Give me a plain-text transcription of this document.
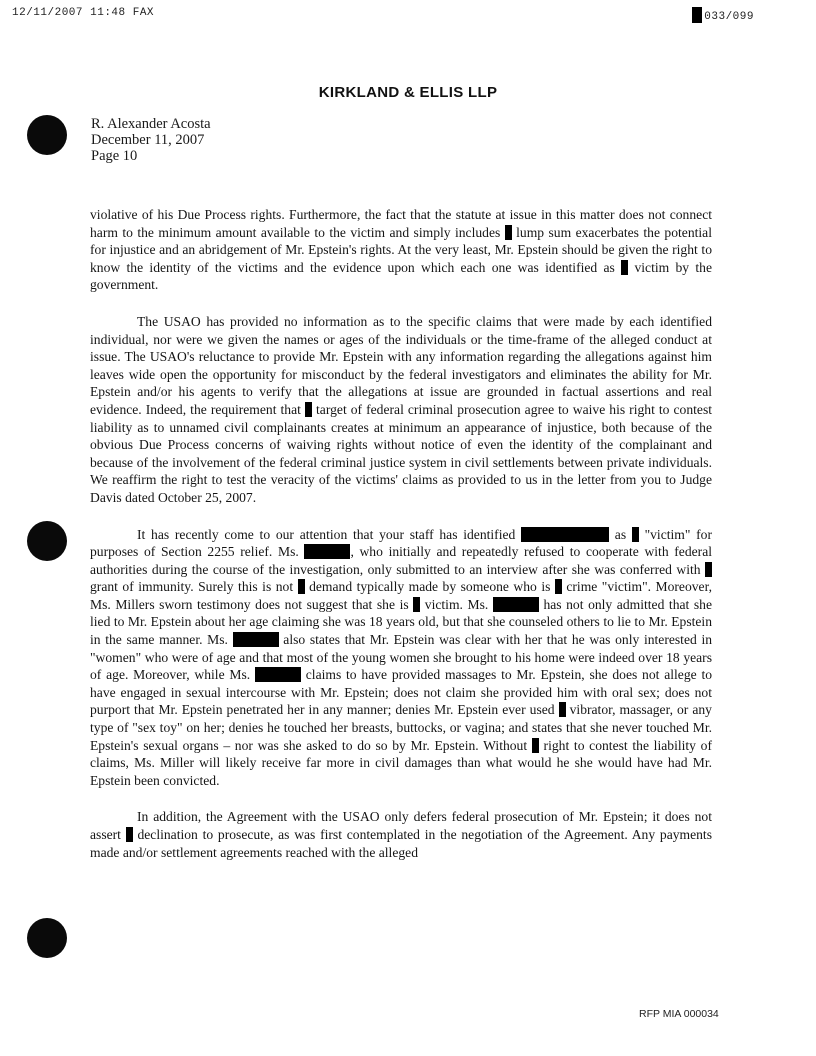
12/11/2007 11:48 FAX	033/099
KIRKLAND & ELLIS LLP
R. Alexander Acosta
December 11, 2007
Page 10

violative of his Due Process rights. Furthermore, the fact that the statute at issue in this matter does not connect harm to the minimum amount available to the victim and simply includes lump sum exacerbates the potential for injustice and an abridgement of Mr. Epstein's rights. At the very least, Mr. Epstein should be given the right to know the identity of the victims and the evidence upon which each one was identified as victim by the government.

The USAO has provided no information as to the specific claims that were made by each identified individual, nor were we given the names or ages of the individuals or the time-frame of the alleged conduct at issue. The USAO's reluctance to provide Mr. Epstein with any information regarding the allegations against him leaves wide open the opportunity for misconduct by the federal investigators and eliminates the ability for Mr. Epstein and/or his agents to verify that the allegations at issue are grounded in factual assertions and real evidence. Indeed, the requirement that target of federal criminal prosecution agree to waive his right to contest liability as to unnamed civil complainants creates at minimum an appearance of injustice, both because of the obvious Due Process concerns of waiving rights without notice of even the identity of the complainant and because of the involvement of the federal criminal justice system in civil settlements between private individuals. We reaffirm the right to test the veracity of the victims' claims as provided to us in the letter from you to Judge Davis dated October 25, 2007.

It has recently come to our attention that your staff has identified	as "victim" for purposes of Section 2255 relief. Ms.	, who initially and repeatedly refused to cooperate with federal authorities during the course of the investigation, only submitted to an interview after she was conferred with  grant of immunity. Surely this is not demand typically made by someone who is crime "victim". Moreover, Ms. Millers sworn testimony does not suggest that she is victim. Ms.	has not only admitted that she lied to Mr. Epstein about her age claiming she was 18 years old, but that she counseled others to lie to Mr. Epstein in the same manner. Ms.	also states that Mr. Epstein was clear with her that he was only interested in "women" who were of age and that most of the young women she brought to his home were indeed over 18 years of age. Moreover, while Ms.	claims to have provided massages to Mr. Epstein, she does not allege to have engaged in sexual intercourse with Mr. Epstein; does not claim she provided him with oral sex; does not purport that Mr. Epstein penetrated her in any manner; denies Mr. Epstein ever used vibrator, massager, or any type of "sex toy" on her; denies he touched her breasts, buttocks, or vagina; and states that she never touched Mr. Epstein's sexual organs – nor was she asked to do so by Mr. Epstein. Without right to contest the liability of claims, Ms. Miller will likely receive far more in civil damages than what would he she would have had Mr. Epstein been convicted.

In addition, the Agreement with the USAO only defers federal prosecution of Mr. Epstein; it does not assert declination to prosecute, as was first contemplated in the negotiation of the Agreement. Any payments made and/or settlement agreements reached with the alleged

RFP MIA 000034
